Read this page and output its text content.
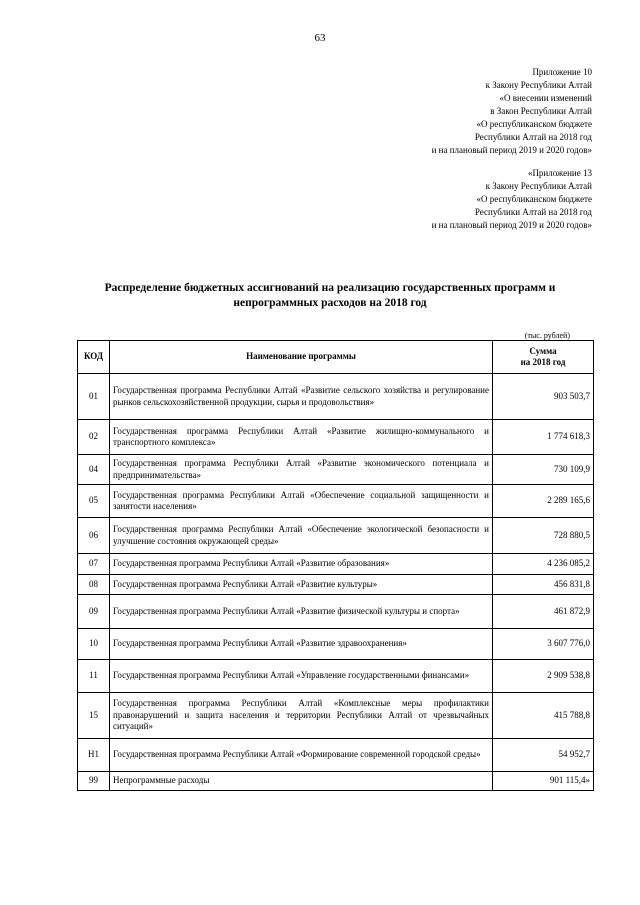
63
Приложение 10
к Закону Республики Алтай
«О внесении изменений
в Закон Республики Алтай
«О республиканском бюджете
Республики Алтай на 2018 год
и на плановый период 2019 и 2020 годов»
«Приложение 13
к Закону Республики Алтай
«О республиканском бюджете
Республики Алтай на 2018 год
и на плановый период 2019 и 2020 годов»
Распределение бюджетных ассигнований на реализацию государственных программ и
непрограммных расходов на 2018 год
(тыс. рублей)
КОД	Наименование программы	Сумма
на 2018 год

01	Государственная программа Республики Алтай «Развитие сельского хозяйства и регулирование рынков сельскохозяйственной продукции, сырья и продовольствия»	903 503,7
02	Государственная программа Республики Алтай «Развитие жилищно-коммунального и транспортного комплекса»	1 774 618,3
04	Государственная программа Республики Алтай «Развитие экономического потенциала и предпринимательства»	730 109,9
05	Государственная программа Республики Алтай «Обеспечение социальной защищенности и занятости населения»	2 289 165,6
06	Государственная программа Республики Алтай «Обеспечение экологической безопасности и улучшение состояния окружающей среды»	728 880,5
07	Государственная программа Республики Алтай «Развитие образования»	4 236 085,2
08	Государственная программа Республики Алтай «Развитие культуры»	456 831,8
09	Государственная программа Республики Алтай «Развитие физической культуры и спорта»	461 872,9
10	Государственная программа Республики Алтай «Развитие здравоохранения»	3 607 776,0
11	Государственная программа Республики Алтай «Управление государственными финансами»	2 909 538,8
15	Государственная программа Республики Алтай «Комплексные меры профилактики правонарушений и защита населения и территории Республики Алтай от чрезвычайных ситуаций»	415 788,8
Н1	Государственная программа Республики Алтай «Формирование современной городской среды»	54 952,7
99	Непрограммные расходы	901 115,4»
